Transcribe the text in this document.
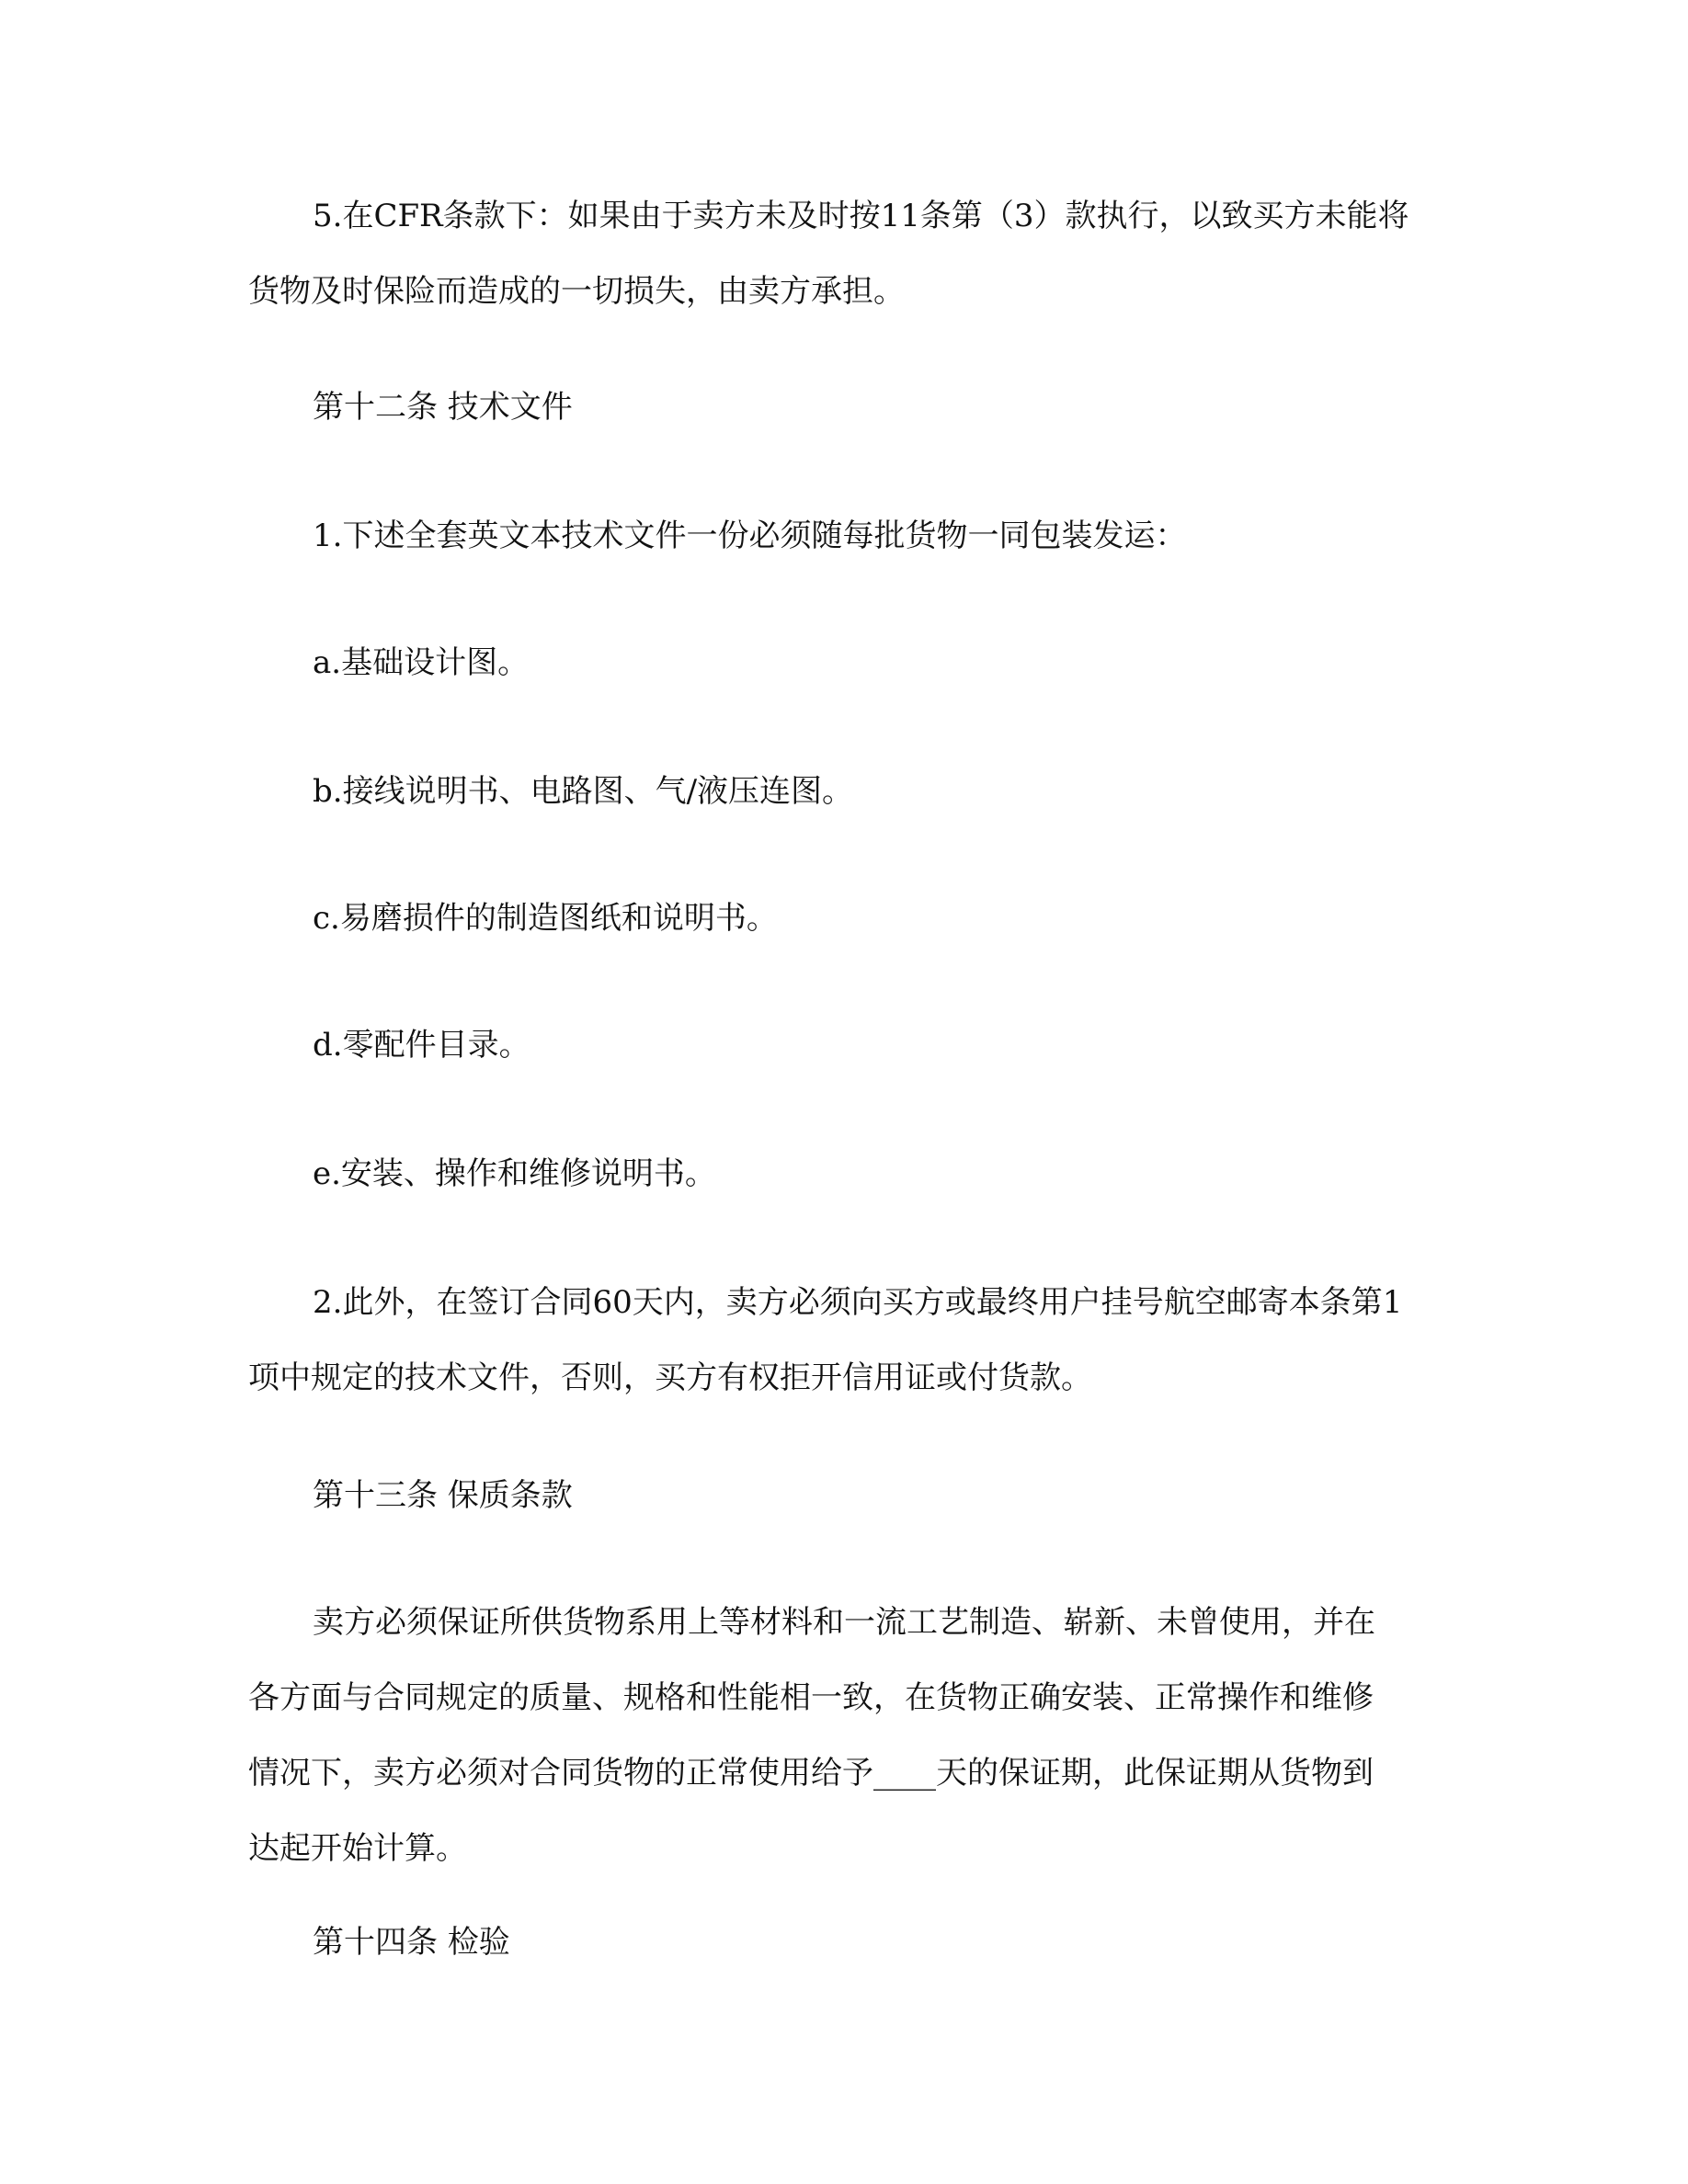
5.在CFR条款下：如果由于卖方未及时按11条第（3）款执行，以致买方未能将
货物及时保险而造成的一切损失，由卖方承担。

第十二条 技术文件

1.下述全套英文本技术文件一份必须随每批货物一同包装发运：

a.基础设计图。

b.接线说明书、电路图、气/液压连图。

c.易磨损件的制造图纸和说明书。

d.零配件目录。

e.安装、操作和维修说明书。

2.此外，在签订合同60天内，卖方必须向买方或最终用户挂号航空邮寄本条第1
项中规定的技术文件，否则，买方有权拒开信用证或付货款。

第十三条 保质条款

卖方必须保证所供货物系用上等材料和一流工艺制造、崭新、未曾使用，并在
各方面与合同规定的质量、规格和性能相一致，在货物正确安装、正常操作和维修
情况下，卖方必须对合同货物的正常使用给予____天的保证期，此保证期从货物到
达起开始计算。

第十四条 检验
